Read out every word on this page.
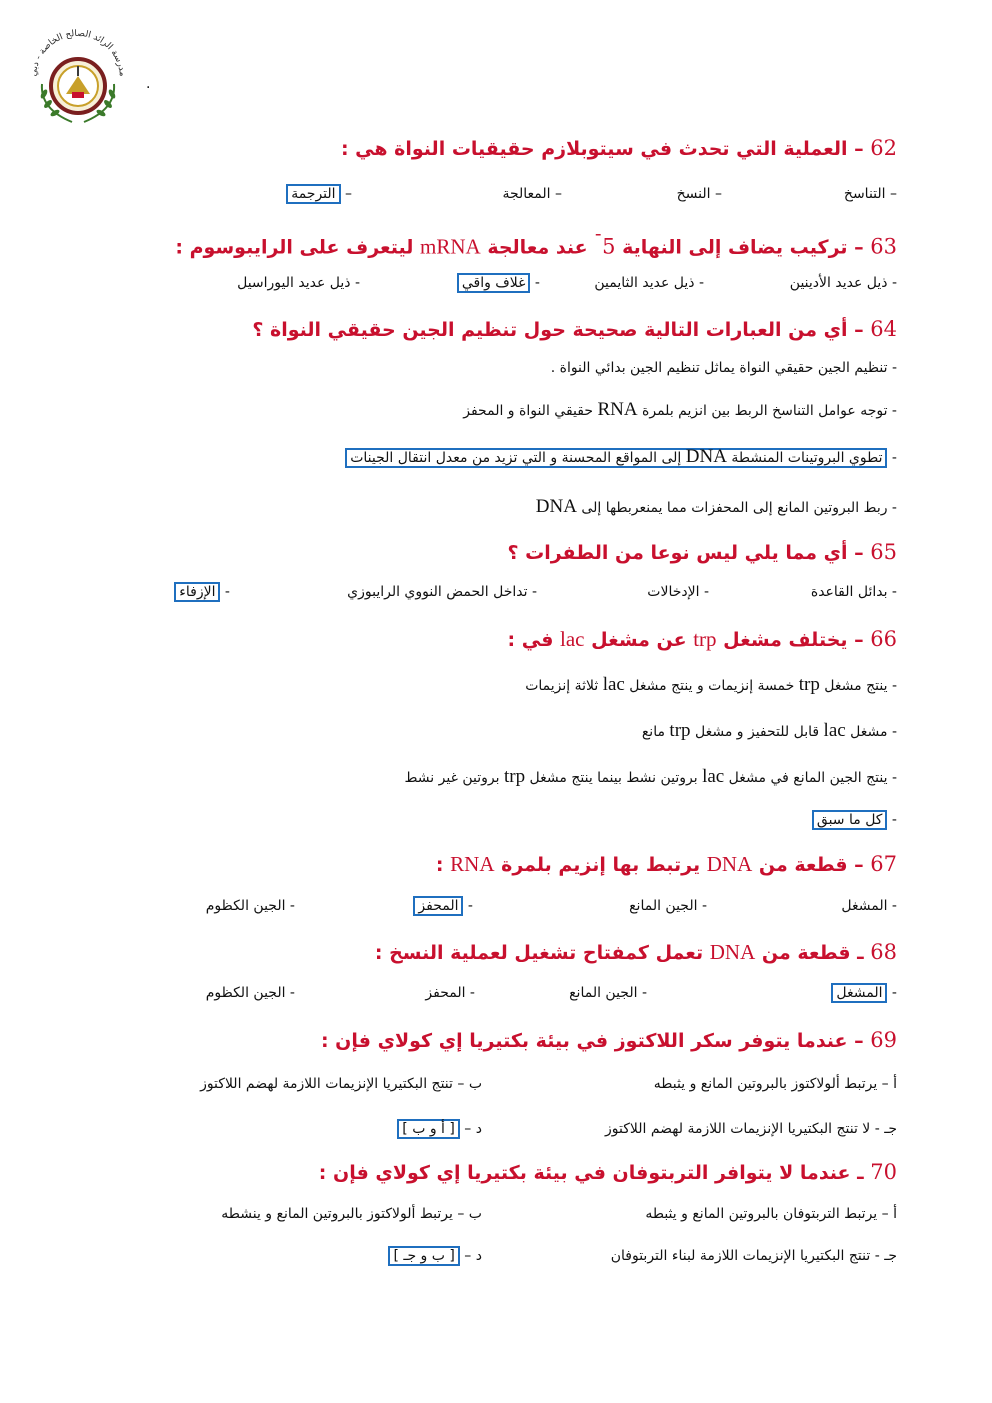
مدرسة الرائد الصالح الخاصة - دبي
.
62 – العملية التي تحدث في سيتوبلازم حقيقيات النواة هي :
– التناسخ
– النسخ
– المعالجة
– الترجمة
63 – تركيب يضاف إلى النهاية $5^ˉ$ عند معالجة mRNA ليتعرف على الرايبوسوم :
- ذيل عديد الأدينين
- ذيل عديد الثايمين
- غلاف واقي
- ذيل عديد اليوراسيل
64 – أي من العبارات التالية صحيحة حول تنظيم الجين حقيقي النواة ؟
- تنظيم الجين حقيقي النواة يماثل تنظيم الجين بدائي النواة .
- توجه عوامل التناسخ الربط بين انزيم بلمرة RNA حقيقي النواة و المحفز
- تطوي البروتينات المنشطة DNA إلى المواقع المحسنة و التي تزيد من معدل انتقال الجينات
- ربط البروتين المانع إلى المحفزات مما يمنعربطها إلى DNA
65 – أي مما يلي ليس نوعا من الطفرات ؟
- بدائل القاعدة
- الإدخالات
- تداخل الحمض النووي الرايبوزي
- الإزفاء
66 – يختلف مشغل trp عن مشغل lac في :
- ينتج مشغل trp خمسة إنزيمات و ينتج مشغل lac ثلاثة إنزيمات
- مشغل lac قابل للتحفيز و مشغل trp مانع
- ينتج الجين المانع في مشغل lac بروتين نشط بينما ينتج مشغل trp بروتين غير نشط
- كل ما سبق
67 – قطعة من DNA يرتبط بها إنزيم بلمرة RNA :
- المشغل
- الجين المانع
- المحفز
- الجين الكظوم
68 ـ قطعة من DNA تعمل كمفتاح تشغيل لعملية النسخ :
- المشغل
- الجين المانع
- المحفز
- الجين الكظوم
69 – عندما يتوفر سكر اللاكتوز في بيئة بكتيريا إي كولاي فإن :
أ – يرتبط ألولاكتوز بالبروتين المانع و يثبطه
ب – تنتج البكتيريا الإنزيمات اللازمة لهضم اللاكتوز
جـ - لا تنتج البكتيريا الإنزيمات اللازمة لهضم اللاكتوز
د – [ أ و ب ]
70 ـ عندما لا يتوافر التربتوفان في بيئة بكتيريا إي كولاي فإن :
أ – يرتبط التربتوفان بالبروتين المانع و يثبطه
ب – يرتبط ألولاكتوز بالبروتين المانع و ينشطه
جـ - تنتج البكتيريا الإنزيمات اللازمة لبناء التربتوفان
د – [ ب و جـ ]
